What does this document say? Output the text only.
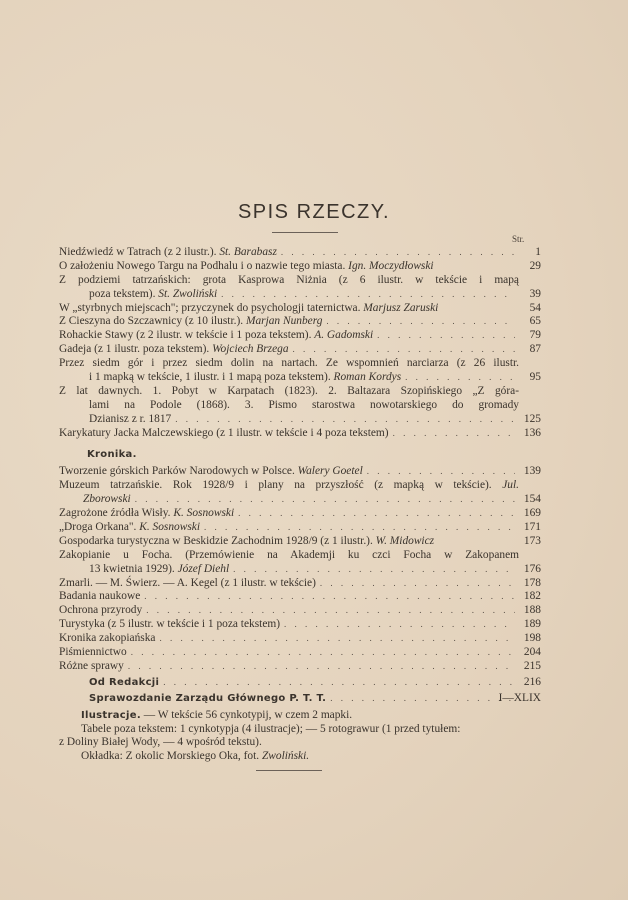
SPIS RZECZY.
Str.
Niedźwiedź w Tatrach (z 2 ilustr.). St. Barabasz . . .	1
O założeniu Nowego Targu na Podhalu i o nazwie tego miasta. Ign. Moczydłowski	29
Z podziemi tatrzańskich: grota Kasprowa Niżnia (z 6 ilustr. w tekście i mapą
poza tekstem). St. Zwoliński . . .	39
W „styrbnych miejscach"; przyczynek do psychologji taternictwa. Marjusz Zaruski	54
Z Cieszyna do Szczawnicy (z 10 ilustr.). Marjan Nunberg . . .	65
Rohackie Stawy (z 2 ilustr. w tekście i 1 poza tekstem). A. Gadomski . . .	79
Gadeja (z 1 ilustr. poza tekstem). Wojciech Brzega . . .	87
Przez siedm gór i przez siedm dolin na nartach. Ze wspomnień narciarza (z 26 ilustr.
i 1 mapką w tekście, 1 ilustr. i 1 mapą poza tekstem). Roman Kordys . . .	95
Z lat dawnych. 1. Pobyt w Karpatach (1823). 2. Baltazara Szopińskiego „Z góra-
lami na Podole (1868). 3. Pismo starostwa nowotarskiego do gromady
Dzianisz z r. 1817 . . .	125
Karykatury Jacka Malczewskiego (z 1 ilustr. w tekście i 4 poza tekstem) . . .	136
Kronika.
Tworzenie górskich Parków Narodowych w Polsce. Walery Goetel . . .	139
Muzeum tatrzańskie. Rok 1928/9 i plany na przyszłość (z mapką w tekście). Jul.
Zborowski . . .	154
Zagrożone źródła Wisły. K. Sosnowski . . .	169
„Droga Orkana". K. Sosnowski . . .	171
Gospodarka turystyczna w Beskidzie Zachodnim 1928/9 (z 1 ilustr.). W. Midowicz	173
Zakopianie u Focha. (Przemówienie na Akademji ku czci Focha w Zakopanem
13 kwietnia 1929). Józef Diehl . . .	176
Zmarli. — M. Świerz. — A. Kegel (z 1 ilustr. w tekście) . . .	178
Badania naukowe . . .	182
Ochrona przyrody . . .	188
Turystyka (z 5 ilustr. w tekście i 1 poza tekstem) . . .	189
Kronika zakopiańska . . .	198
Piśmiennictwo . . .	204
Różne sprawy . . .	215
Od Redakcji . . .	216
Sprawozdanie Zarządu Głównego P. T. T. . . .	I—XLIX
Ilustracje. — W tekście 56 cynkotypij, w czem 2 mapki.
Tabele poza tekstem: 1 cynkotypja (4 ilustracje); — 5 rotograwur (1 przed tytułem:
z Doliny Białej Wody, — 4 wpośród tekstu).
Okładka: Z okolic Morskiego Oka, fot. Zwoliński.
